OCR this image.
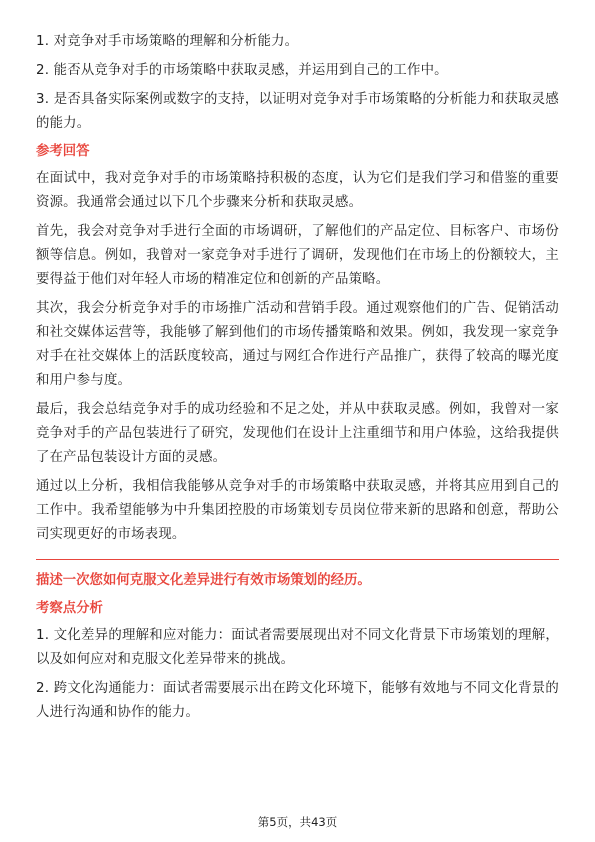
1. 对竞争对手市场策略的理解和分析能力。

2. 能否从竞争对手的市场策略中获取灵感，并运用到自己的工作中。

3. 是否具备实际案例或数字的支持，以证明对竞争对手市场策略的分析能力和获取灵感的能力。

参考回答

在面试中，我对竞争对手的市场策略持积极的态度，认为它们是我们学习和借鉴的重要资源。我通常会通过以下几个步骤来分析和获取灵感。

首先，我会对竞争对手进行全面的市场调研，了解他们的产品定位、目标客户、市场份额等信息。例如，我曾对一家竞争对手进行了调研，发现他们在市场上的份额较大，主要得益于他们对年轻人市场的精准定位和创新的产品策略。

其次，我会分析竞争对手的市场推广活动和营销手段。通过观察他们的广告、促销活动和社交媒体运营等，我能够了解到他们的市场传播策略和效果。例如，我发现一家竞争对手在社交媒体上的活跃度较高，通过与网红合作进行产品推广，获得了较高的曝光度和用户参与度。

最后，我会总结竞争对手的成功经验和不足之处，并从中获取灵感。例如，我曾对一家竞争对手的产品包装进行了研究，发现他们在设计上注重细节和用户体验，这给我提供了在产品包装设计方面的灵感。

通过以上分析，我相信我能够从竞争对手的市场策略中获取灵感，并将其应用到自己的工作中。我希望能够为中升集团控股的市场策划专员岗位带来新的思路和创意，帮助公司实现更好的市场表现。

描述一次您如何克服文化差异进行有效市场策划的经历。
考察点分析

1. 文化差异的理解和应对能力：面试者需要展现出对不同文化背景下市场策划的理解，以及如何应对和克服文化差异带来的挑战。

2. 跨文化沟通能力：面试者需要展示出在跨文化环境下，能够有效地与不同文化背景的人进行沟通和协作的能力。

第5页，共43页
